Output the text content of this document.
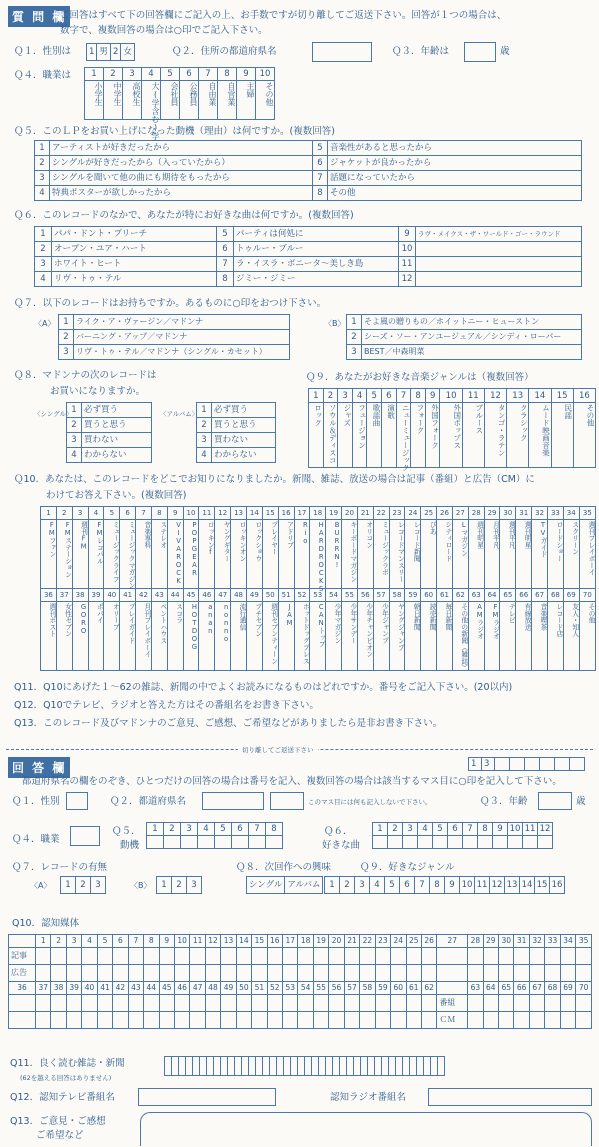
質 問 欄
ご回答はすべて下の回答欄にご記入の上、お手数ですが切り離してご返送下さい。回答が１つの場合は、
数字で、複数回答の場合は○印でご記入下さい。
Ｑ１．性別は 1	男	2	女	Ｑ２．住所の都道府県名	Ｑ３．年齢は	歳
Ｑ４．職業は 1	2	3	4	5	6	7	8	9	10
小学生	中学生	高校生	大(学含む)学	会社員	公務員	自由業	自営業	主婦	その他
Ｑ５．このＬＰをお買い上げになった動機（理由）は何ですか。(複数回答)
1	アーティストが好きだったから	5	音楽性があると思ったから
2	シングルが好きだったから（入っていたから）	6	ジャケットが良かったから
3	シングルを聞いて他の曲にも期待をもったから	7	話題になっていたから
4	特典ポスターが欲しかったから	8	その他
Ｑ６．このレコードのなかで、あなたが特にお好きな曲は何ですか。(複数回答)
1	パパ・ドント・プリーチ	5	パーティは何処に	9	ラヴ・メイクス・ザ・ワールド・ゴー・ラウンド
2	オープン・ユア・ハート	6	トゥルー・ブルー	10	
3	ホワイト・ヒート	7	ラ・イスラ・ボニータ〜美しき島	11	
4	リヴ・トゥ・テル	8	ジミー・ジミー	12	
Ｑ７．以下のレコードはお持ちですか。あるものに○印をおつけ下さい。
〈A〉 1	ライク・ア・ヴァージン／マドンナ
2	バーニング・アップ／マドンナ
3	リヴ・トゥ・テル／マドンナ（シングル・カセット）
〈B〉 1	そよ風の贈りもの／ホイットニー・ヒューストン
2	シーズ・ソー・アンユージュアル／シンディ・ローパー
3	BEST／中森明菜
Ｑ８．マドンナの次のレコードは
お買いになりますか。
〈シングル〉
1	必ず買う
2	買うと思う
3	買わない
4	わからない
〈アルバム〉 1	必ず買う
2	買うと思う
3	買わない
4	わからない
Ｑ９．あなたがお好きな音楽ジャンルは（複数回答）
1	2	3	4	5	6	7	8	9	10	11	12	13	14	15	16
ロック	ソウル＆ディスコ	ジャズ	フュージョン	歌謡曲	演歌	ニューミュージック	フォーク	外国フォーク	外国ポップス	ブルース	タンゴ・ラテン	クラシック	ムード映画音楽	民謡	その他
Ｑ10．あなたは、このレコードをどこでお知りになりましたか。新聞、雑誌、放送の場合は記事（番組）と広告（CM）に
わけてお答え下さい。(複数回答)
1	2	3	4	5	6	7	8	9	10	11	12	13	14	15	16	17	18	19	20	21	22	23	24	25	26	27	28	29	30	31	32	33	34	35
FMファン	FMステーション	週刊FM	FMレコパル	ミュージックライフ	ミュージックマガジン	音楽専科	ステレオ	VIVAROCK	POPGEAR	ロッキンf	ヤングギター	ロッキンオン	ロックショウ	プレイヤー	アドリブ	Rio	HARDROCKS	BURRN!	キーボードマガジン	オリコン	ミュージックラボ	レコードマンスリー	レコード新聞	ぴあ	シティロード	Lマガジン	週刊明星	月刊平凡	週刊平凡	週刊明星	TVガイド	ロードショー	スクリーン	週刊プレイボーイ
36	37	38	39	40	41	42	43	44	45	46	47	48	49	50	51	52	53	54	55	56	57	58	59	60	61	62	63	64	65	66	67	68	69	70
週刊ポスト	女性セブン	GORO	ポパイ	オリーブ	プレイガイド	月刊プレイボーイ	ペントハウス	スコラ	HOTDOG	anan	nonno	流行通信	プチセブン	週刊セブンティーン	JAM	ホットドッグプレス	CANトップ	少年マガジン	少年サンデー	少年チャンピオン	少年ジャンプ	ヤングジャンプ	朝日新聞	読売新聞	毎日新聞	その他の新聞（雑誌）	AMラジオ	FMラジオ	テレビ	有線放送	音楽喫茶	レコード店	友人・知人	その他
Q11．Q10にあげた１〜62の雑誌、新聞の中でよくお読みになるものはどれですか。番号をご記入下さい。(20以内)
Q12．Q10でテレビ、ラジオと答えた方はその番組名をお書き下さい。
Q13．このレコード及びマドンナのご意見、ご感想、ご希望などがありましたら是非お書き下さい。
切り離してご返送下さい
回 答 欄	1	3						
都道府県名の欄をのぞき、ひとつだけの回答の場合は番号を記入、複数回答の場合は該当するマス目に○印を記入して下さい。
Ｑ１．性別	Ｑ２．都道府県名	このマス目には何も記入しないで下さい。	Ｑ３．年齢	歳
Ｑ４．職業
Ｑ５．
動機
1	2	3	4	5	6	7	8
								Ｑ６．
好きな曲
1	2	3	4	5	6	7	8	9	10	11	12

Ｑ７．レコードの有無	Ｑ８．次回作への興味	Ｑ９．好きなジャンル
〈A〉 1	2	3	〈B〉 1	2	3	シングル	アルバム 1	2	3	4	5	6	7	8	9	10	11	12	13	14	15	16
Q10．認知媒体
	1	2	3	4	5	6	7	8	9	10	11	12	13	14	15	16	17	18	19	20	21	22	23	24	25	26	27	28	29	30	31	32	33	34	35
記事																																			
広告																																			
36	37	38	39	40	41	42	43	44	45	46	47	48	49	50	51	52	53	54	55	56	57	58	59	60	61	62		63	64	65	66	67	68	69	70
																											番組								
																											ＣＭ								
Q11．良く読む雑誌・新聞
(62を越える回答はありません)

Q12．認知テレビ番組名	認知ラジオ番組名
Q13．ご意見・ご感想
ご希望など
